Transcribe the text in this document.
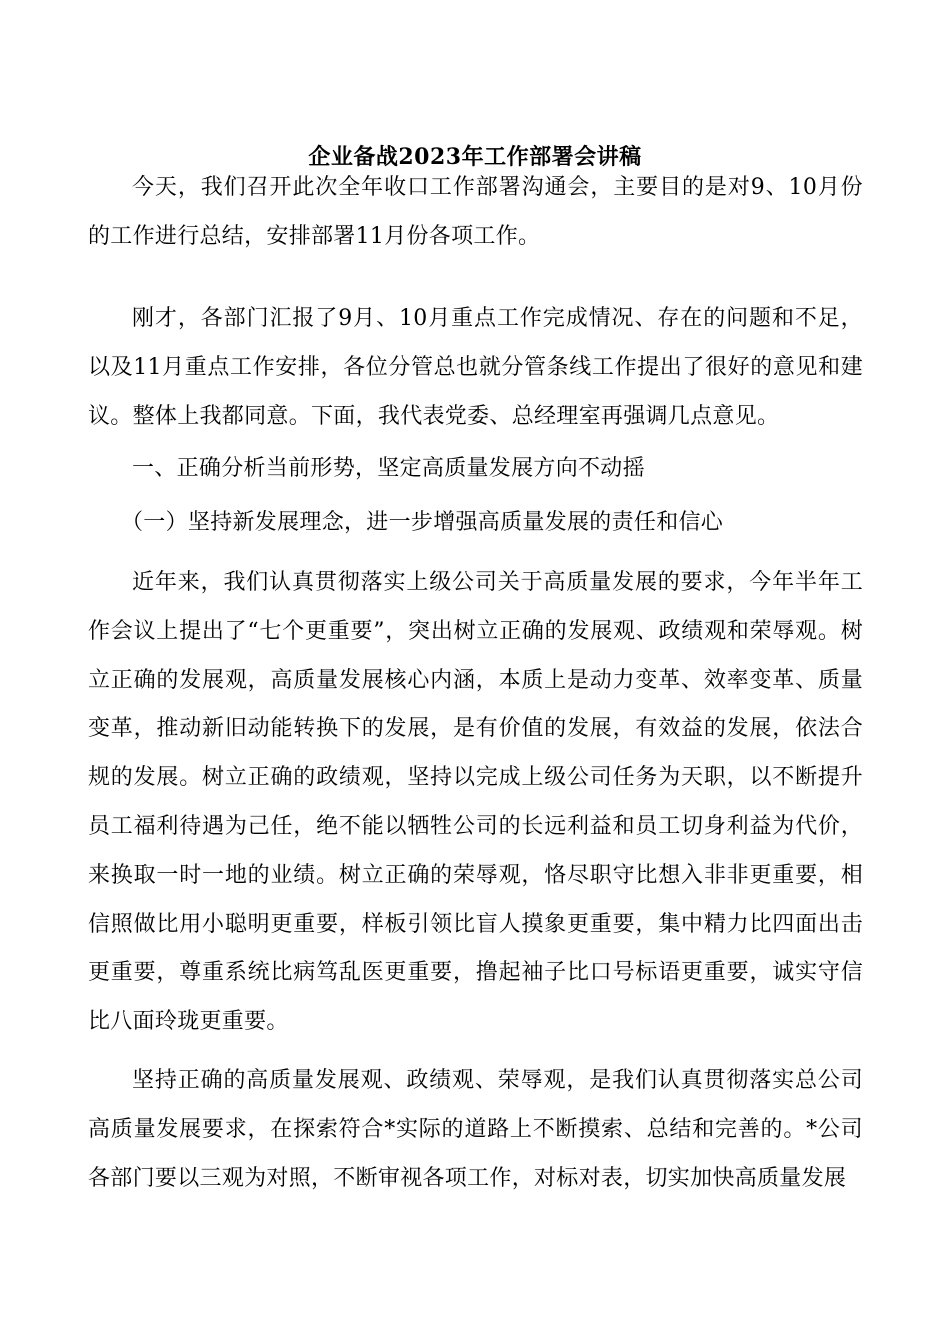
企业备战2023年工作部署会讲稿
今天，我们召开此次全年收口工作部署沟通会，主要目的是对9、10月份的工作进行总结，安排部署11月份各项工作。
刚才，各部门汇报了9月、10月重点工作完成情况、存在的问题和不足，以及11月重点工作安排，各位分管总也就分管条线工作提出了很好的意见和建议。整体上我都同意。下面，我代表党委、总经理室再强调几点意见。
一、正确分析当前形势，坚定高质量发展方向不动摇
（一）坚持新发展理念，进一步增强高质量发展的责任和信心
近年来，我们认真贯彻落实上级公司关于高质量发展的要求，今年半年工作会议上提出了“七个更重要”，突出树立正确的发展观、政绩观和荣辱观。树立正确的发展观，高质量发展核心内涵，本质上是动力变革、效率变革、质量变革，推动新旧动能转换下的发展，是有价值的发展，有效益的发展，依法合规的发展。树立正确的政绩观，坚持以完成上级公司任务为天职，以不断提升员工福利待遇为己任，绝不能以牺牲公司的长远利益和员工切身利益为代价，来换取一时一地的业绩。树立正确的荣辱观，恪尽职守比想入非非更重要，相信照做比用小聪明更重要，样板引领比盲人摸象更重要，集中精力比四面出击更重要，尊重系统比病笃乱医更重要，撸起袖子比口号标语更重要，诚实守信比八面玲珑更重要。
坚持正确的高质量发展观、政绩观、荣辱观，是我们认真贯彻落实总公司高质量发展要求，在探索符合*实际的道路上不断摸索、总结和完善的。*公司各部门要以三观为对照，不断审视各项工作，对标对表，切实加快高质量发展
